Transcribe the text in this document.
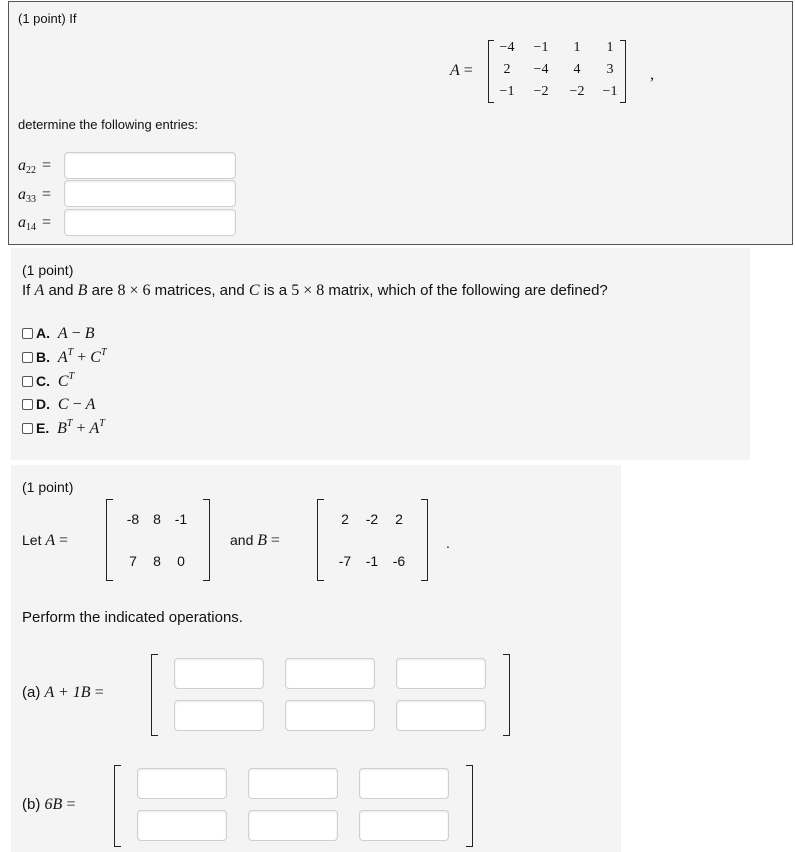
(1 point) If
A =
−4	−1	1	1
2	−4	4	3
−1	−2	−2	−1
,
determine the following entries:
$a_{22}$ =
$a_{33}$ =
$a_{14}$ =
(1 point)
If A and B are 8 × 6 matrices, and C is a 5 × 8 matrix, which of the following are defined?
A. A − B
B. $A^T + C^T$
C. $C^T$
D. C − A
E. $B^T + A^T$
(1 point)
Let A =
-8 8 -1
7	8	0
and B =
2	-2	2
-7	-1	-6
.
Perform the indicated operations.
(a) A + 1B =
(b) 6B =
